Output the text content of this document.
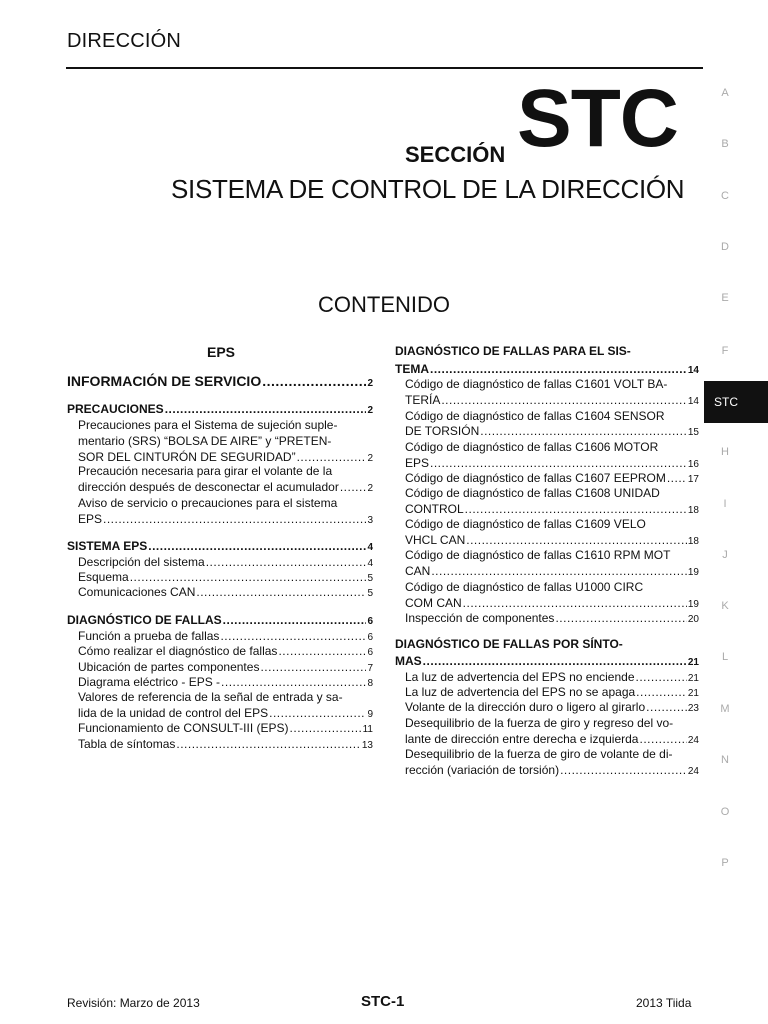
DIRECCIÓN
SECCIÓN STC
SISTEMA DE CONTROL DE LA DIRECCIÓN
CONTENIDO
EPS
INFORMACIÓN DE SERVICIO .....	2
PRECAUCIONES .....	2
Precauciones para el Sistema de sujeción suple-
mentario (SRS) “BOLSA DE AIRE” y “PRETEN-
SOR DEL CINTURÓN DE SEGURIDAD” .....	2
Precaución necesaria para girar el volante de la
dirección después de desconectar el acumulador .....	2
Aviso de servicio o precauciones para el sistema
EPS .....	3
SISTEMA EPS .....	4
Descripción del sistema .....	4
Esquema .....	5
Comunicaciones CAN .....	5
DIAGNÓSTICO DE FALLAS .....	6
Función a prueba de fallas .....	6
Cómo realizar el diagnóstico de fallas .....	6
Ubicación de partes componentes .....	7
Diagrama eléctrico - EPS - .....	8
Valores de referencia de la señal de entrada y sa-
lida de la unidad de control del EPS .....	9
Funcionamiento de CONSULT-III (EPS) .....	11
Tabla de síntomas .....	13
DIAGNÓSTICO DE FALLAS PARA EL SIS-
TEMA .....	14
Código de diagnóstico de fallas C1601 VOLT BA-
TERÍA .....	14
Código de diagnóstico de fallas C1604 SENSOR
DE TORSIÓN .....	15
Código de diagnóstico de fallas C1606 MOTOR
EPS .....	16
Código de diagnóstico de fallas C1607 EEPROM ..... 17
Código de diagnóstico de fallas C1608 UNIDAD
CONTROL .....	18
Código de diagnóstico de fallas C1609 VELO
VHCL CAN .....	18
Código de diagnóstico de fallas C1610 RPM MOT
CAN .....	19
Código de diagnóstico de fallas U1000 CIRC
COM CAN .....	19
Inspección de componentes .....	20
DIAGNÓSTICO DE FALLAS POR SÍNTO-
MAS .....	21
La luz de advertencia del EPS no enciende .....	21
La luz de advertencia del EPS no se apaga .....	21
Volante de la dirección duro o ligero al girarlo .....	23
Desequilibrio de la fuerza de giro y regreso del vo-
lante de dirección entre derecha e izquierda .....	24
Desequilibrio de la fuerza de giro de volante de di-
rección (variación de torsión) .....	24
A
B
C
D
E
F
STC
H
I
J
K
L
M
N
O
P
Revisión: Marzo de 2013	STC-1	2013 Tiida
